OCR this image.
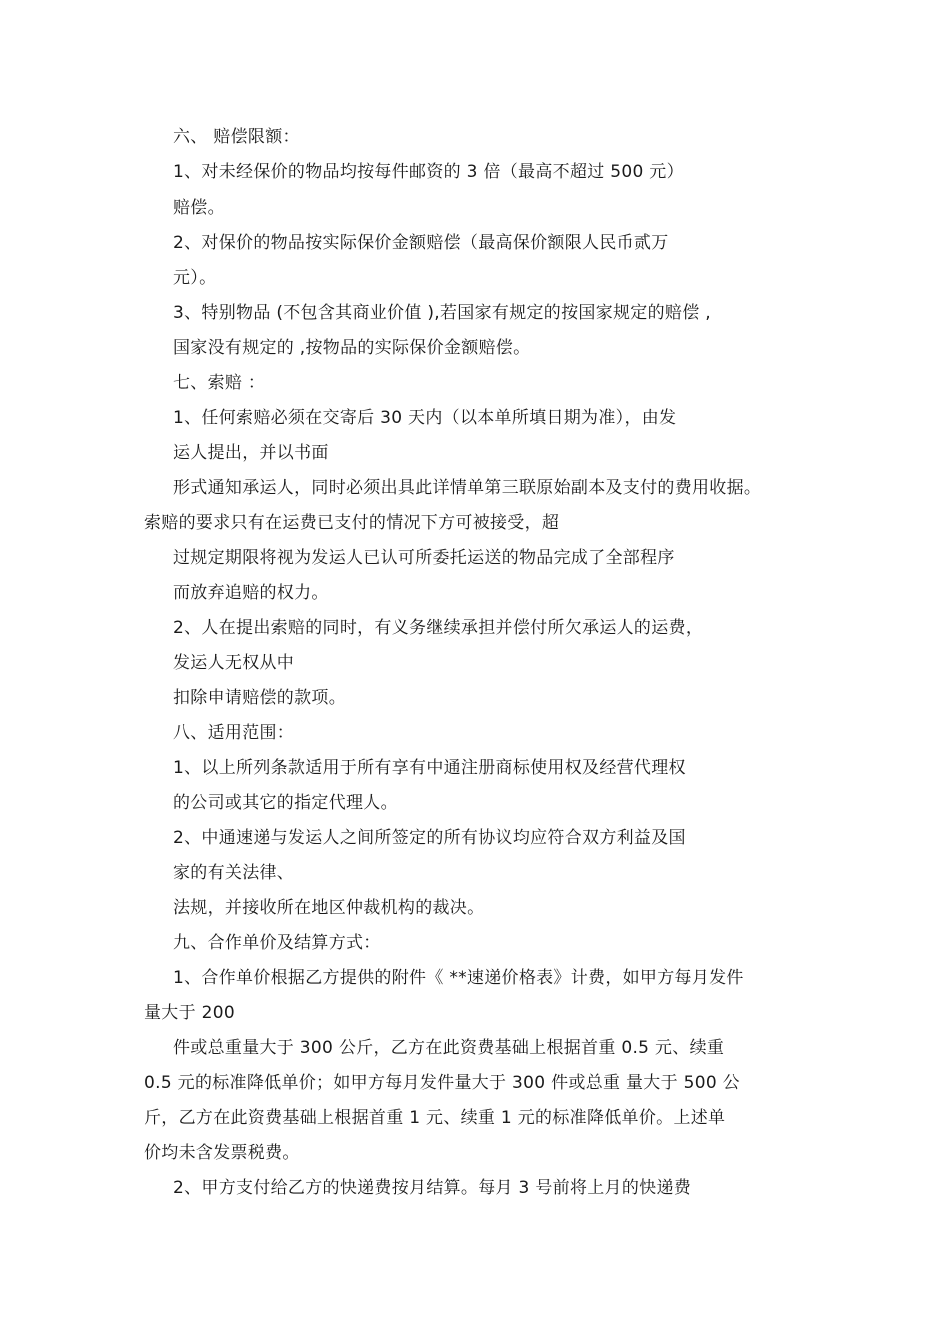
六、 赔偿限额：
1、对未经保价的物品均按每件邮资的 3 倍（最高不超过 500 元）
赔偿。
2、对保价的物品按实际保价金额赔偿（最高保价额限人民币贰万
元）。
3、特别物品 (不包含其商业价值 ),若国家有规定的按国家规定的赔偿 ,
国家没有规定的 ,按物品的实际保价金额赔偿。
七、索赔 ：
1、任何索赔必须在交寄后 30 天内（以本单所填日期为准），由发
运人提出，并以书面
形式通知承运人，同时必须出具此详情单第三联原始副本及支付的费用收据。
索赔的要求只有在运费已支付的情况下方可被接受，超
过规定期限将视为发运人已认可所委托运送的物品完成了全部程序
而放弃追赔的权力。
2、人在提出索赔的同时，有义务继续承担并偿付所欠承运人的运费，
发运人无权从中
扣除申请赔偿的款项。
八、适用范围：
1、以上所列条款适用于所有享有中通注册商标使用权及经营代理权
的公司或其它的指定代理人。
2、中通速递与发运人之间所签定的所有协议均应符合双方利益及国
家的有关法律、
法规，并接收所在地区仲裁机构的裁决。
九、合作单价及结算方式：
1、合作单价根据乙方提供的附件《 **速递价格表》计费，如甲方每月发件
量大于 200
件或总重量大于 300 公斤，乙方在此资费基础上根据首重 0.5 元、续重
0.5 元的标准降低单价；如甲方每月发件量大于 300 件或总重 量大于 500 公
斤，乙方在此资费基础上根据首重 1 元、续重 1 元的标准降低单价。上述单
价均未含发票税费。
2、甲方支付给乙方的快递费按月结算。每月 3 号前将上月的快递费
